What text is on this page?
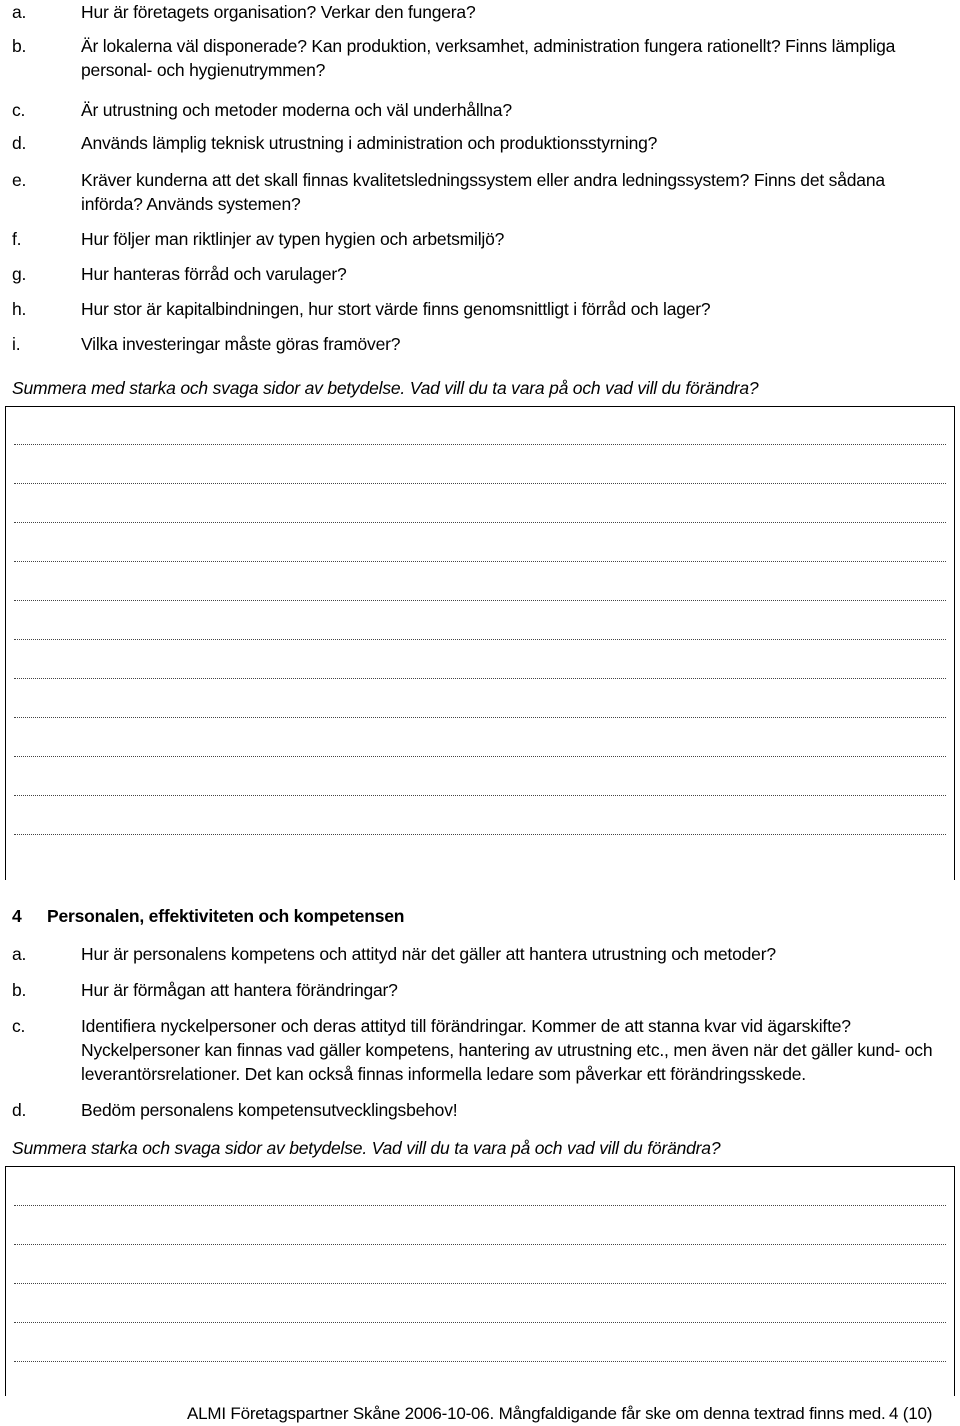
a.	Hur är företagets organisation? Verkar den fungera?
b.	Är lokalerna väl disponerade? Kan produktion, verksamhet, administration fungera rationellt? Finns lämpliga personal- och hygienutrymmen?
c.	Är utrustning och metoder moderna och väl underhållna?
d.	Används lämplig teknisk utrustning i administration och produktionsstyrning?
e.	Kräver kunderna att det skall finnas kvalitetsledningssystem eller andra ledningssystem? Finns det sådana införda? Används systemen?
f.	Hur följer man riktlinjer av typen hygien och arbetsmiljö?
g.	Hur hanteras förråd och varulager?
h.	Hur stor är kapitalbindningen, hur stort värde finns genomsnittligt i förråd och lager?
i.	Vilka investeringar måste göras framöver?
Summera med starka och svaga sidor av betydelse. Vad vill du ta vara på och vad vill du förändra?
4	Personalen, effektiviteten och kompetensen
a.	Hur är personalens kompetens och attityd när det gäller att hantera utrustning och metoder?
b.	Hur är förmågan att hantera förändringar?
c.	Identifiera nyckelpersoner och deras attityd till förändringar. Kommer de att stanna kvar vid ägarskifte? Nyckelpersoner kan finnas vad gäller kompetens, hantering av utrustning etc., men även när det gäller kund- och leverantörsrelationer. Det kan också finnas informella ledare som påverkar ett förändringsskede.
d.	Bedöm personalens kompetensutvecklingsbehov!
Summera starka och svaga sidor av betydelse. Vad vill du ta vara på och vad vill du förändra?
ALMI Företagspartner Skåne 2006-10-06. Mångfaldigande får ske om denna textrad finns med. 4 (10)
